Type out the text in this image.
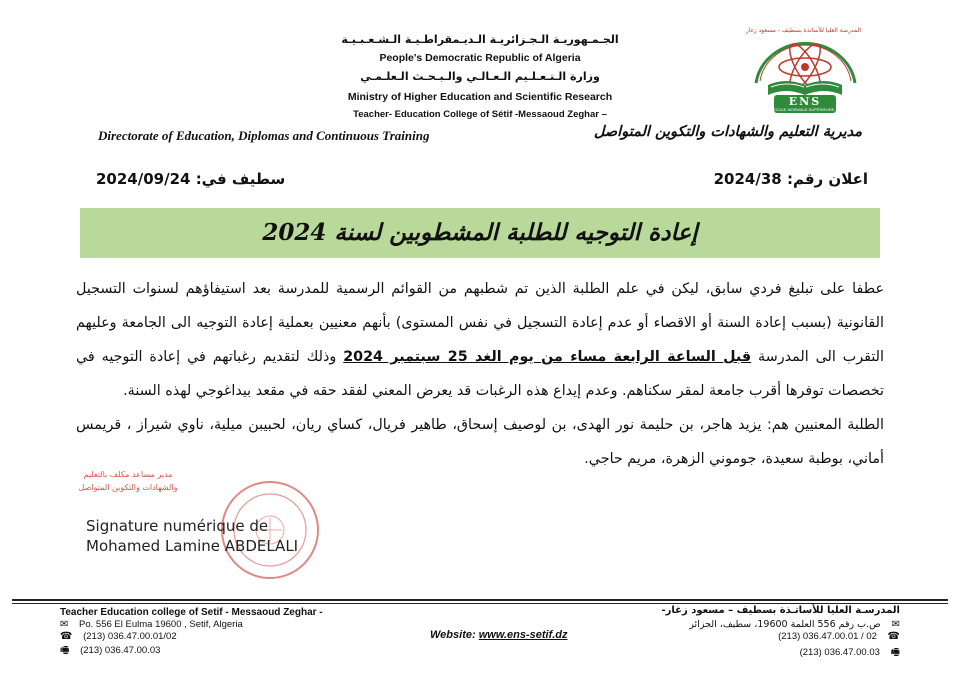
الجـمـهوريـة الـجـزائريـة الـديـمقراطـيـة الـشـعـبـيـة
People's Democratic Republic of Algeria
وزارة الـتـعـلـيم الـعـالـي والـبـحـث الـعلـمـي
Ministry of Higher Education and Scientific Research
Teacher- Education College of Sétif -Messaoud Zeghar –
ENS
ÉCOLE NORMALE SUPÉRIEURE - SÉTIF
المدرسة العليا للأساتذة بسطيف - مسعود زغار
Directorate of Education, Diplomas and Continuous Training	مديرية التعليم والشهادات والتكوين المتواصل
اعلان رقم: 2024/38
سطيف في: 2024/09/24
إعادة التوجيه للطلبة المشطوبين لسنة 2024

عطفا على تبليغ فردي سابق، ليكن في علم الطلبة الذين تم شطبهم من القوائم الرسمية للمدرسة بعد استيفاؤهم لسنوات التسجيل القانونية (بسبب إعادة السنة أو الاقصاء أو عدم إعادة التسجيل في نفس المستوى) بأنهم معنيين بعملية إعادة التوجيه الى الجامعة وعليهم التقرب الى المدرسة قبل الساعة الرابعة مساء من يوم الغد 25 سبتمبر 2024 وذلك لتقديم رغباتهم في إعادة التوجيه في تخصصات توفرها أقرب جامعة لمقر سكناهم. وعدم إيداع هذه الرغبات قد يعرض المعني لفقد حقه في مقعد بيداغوجي لهذه السنة.

الطلبة المعنيين هم: يزيد هاجر، بن حليمة نور الهدى، بن لوصيف إسحاق، طاهير فريال، كساي ريان، لحبيبن ميلية، ناوي شيراز ، قريمس أماني، بوطبة سعيدة، جوموني الزهرة، مريم حاجي.

مدير مساعد مكلف بالتعليم
والشهادات والتكوين المتواصل
Signature numérique de
Mohamed Lamine ABDELALI
Teacher Education college of Setif - Messaoud Zeghar -
✉ Po. 556 El Eulma 19600 , Setif, Algeria
☎ (213) 036.47.00.01/02
🖷 (213) 036.47.00.03
Website: www.ens-setif.dz
المدرسـة العليا للأساتـذة بسطيف – مسعود زغار-
✉ ص.ب رقم 556 العلمة 19600، سطيف، الجزائر
(213) 036.47.00.01 / 02 ☎
(213) 036.47.00.03 🖷
